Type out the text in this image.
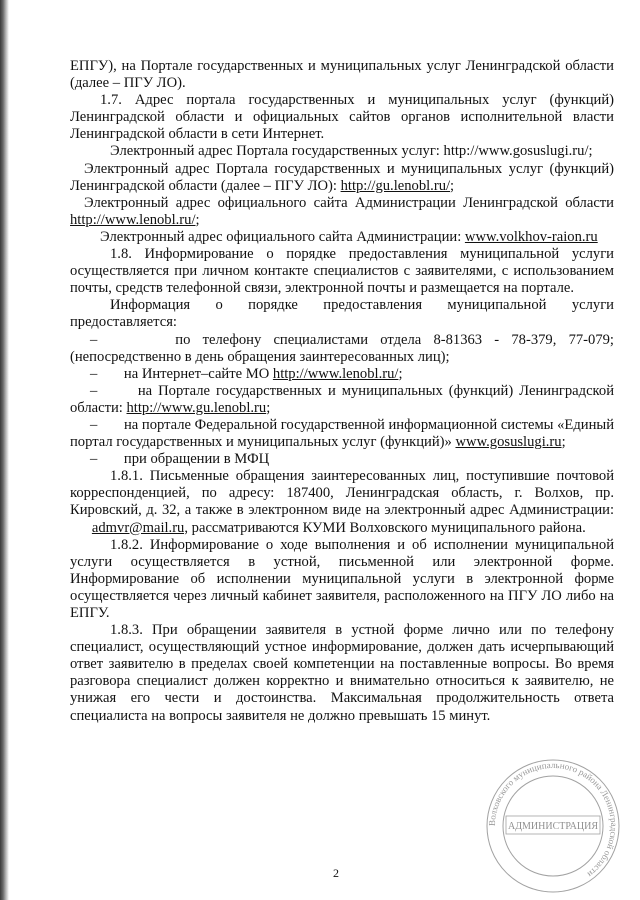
ЕПГУ), на Портале государственных и муниципальных услуг Ленинградской области (далее – ПГУ ЛО).

1.7. Адрес портала государственных и муниципальных услуг (функций) Ленинградской области и официальных сайтов органов исполнительной власти Ленинградской области в сети Интернет.

Электронный адрес Портала государственных услуг: http://www.gosuslugi.ru/;

Электронный адрес Портала государственных и муниципальных услуг (функций) Ленинградской области (далее – ПГУ ЛО): http://gu.lenobl.ru/;

Электронный адрес официального сайта Администрации Ленинградской области http://www.lenobl.ru/;

Электронный адрес официального сайта Администрации: www.volkhov-raion.ru

1.8. Информирование о порядке предоставления муниципальной услуги осуществляется при личном контакте специалистов с заявителями, с использованием почты, средств телефонной связи, электронной почты и размещается на портале.

Информация о порядке предоставления муниципальной услуги предоставляется:

–	по телефону специалистами отдела 8-81363 - 78-379, 77-079; (непосредственно в день обращения заинтересованных лиц);

– на Интернет–сайте МО http://www.lenobl.ru/;

–	на Портале государственных и муниципальных (функций) Ленинградской области: http://www.gu.lenobl.ru;

– на портале Федеральной государственной информационной системы «Единый портал государственных и муниципальных услуг (функций)» www.gosuslugi.ru;

– при обращении в МФЦ

1.8.1. Письменные обращения заинтересованных лиц, поступившие почтовой корреспонденцией, по адресу: 187400, Ленинградская область, г. Волхов, пр. Кировский, д. 32, а также в электронном виде на электронный адрес Администрации:       admvr@mail.ru, рассматриваются КУМИ Волховского муниципального района.

1.8.2. Информирование о ходе выполнения и об исполнении муниципальной услуги осуществляется в устной, письменной или электронной форме. Информирование об исполнении муниципальной услуги в электронной форме осуществляется через личный кабинет заявителя, расположенного на ПГУ ЛО либо на ЕПГУ.

1.8.3. При обращении заявителя в устной форме лично или по телефону специалист, осуществляющий устное информирование, должен дать исчерпывающий ответ заявителю в пределах своей компетенции на поставленные вопросы. Во время разговора специалист должен корректно и внимательно относиться к заявителю, не унижая его чести и достоинства. Максимальная продолжительность ответа специалиста на вопросы заявителя не должно превышать 15 минут.

Волховского муниципального района Ленинградской области
АДМИНИСТРАЦИЯ
2
